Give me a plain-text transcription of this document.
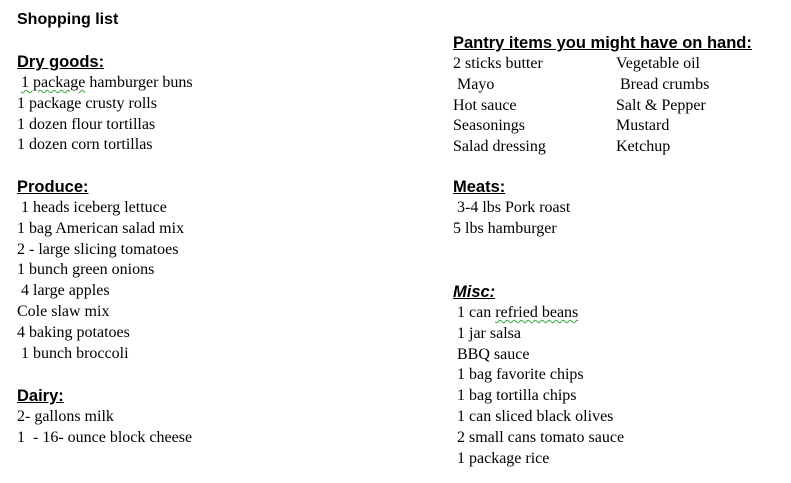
Shopping list
Dry goods:
1 package hamburger buns
1 package crusty rolls
1 dozen flour tortillas
1 dozen corn tortillas
Produce:
1 heads iceberg lettuce
1 bag American salad mix
2 - large slicing tomatoes
1 bunch green onions
4 large apples
Cole slaw mix
4 baking potatoes
1 bunch broccoli
Dairy:
2- gallons milk
1  - 16- ounce block cheese
Pantry items you might have on hand:
2 sticks butter	Vegetable oil
Mayo	Bread crumbs
Hot sauce	Salt & Pepper
Seasonings	Mustard
Salad dressing	Ketchup
Meats:
3-4 lbs Pork roast
5 lbs hamburger
Misc:
1 can refried beans
1 jar salsa
BBQ sauce
1 bag favorite chips
1 bag tortilla chips
1 can sliced black olives
2 small cans tomato sauce
1 package rice
